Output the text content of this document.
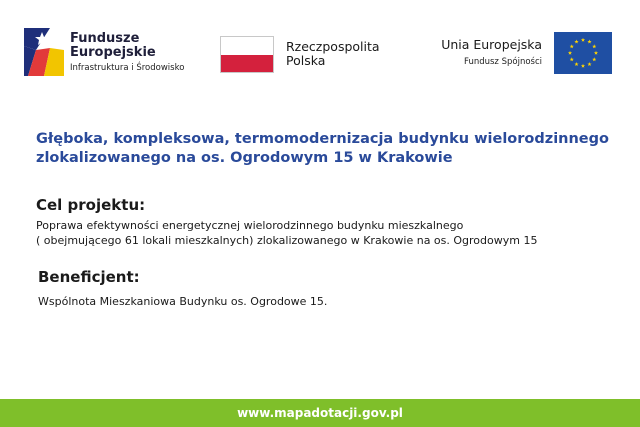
Fundusze
Europejskie
Infrastruktura i Środowisko
Rzeczpospolita
Polska
Unia Europejska
Fundusz Spójności
Głęboka, kompleksowa, termomodernizacja budynku wielorodzinnego zlokalizowanego na os. Ogrodowym 15 w Krakowie
Cel projektu:
Poprawa efektywności energetycznej wielorodzinnego budynku mieszkalnego
( obejmującego 61 lokali mieszkalnych) zlokalizowanego w Krakowie na os. Ogrodowym 15
Beneficjent:
Wspólnota Mieszkaniowa Budynku os. Ogrodowe 15.
www.mapadotacji.gov.pl
